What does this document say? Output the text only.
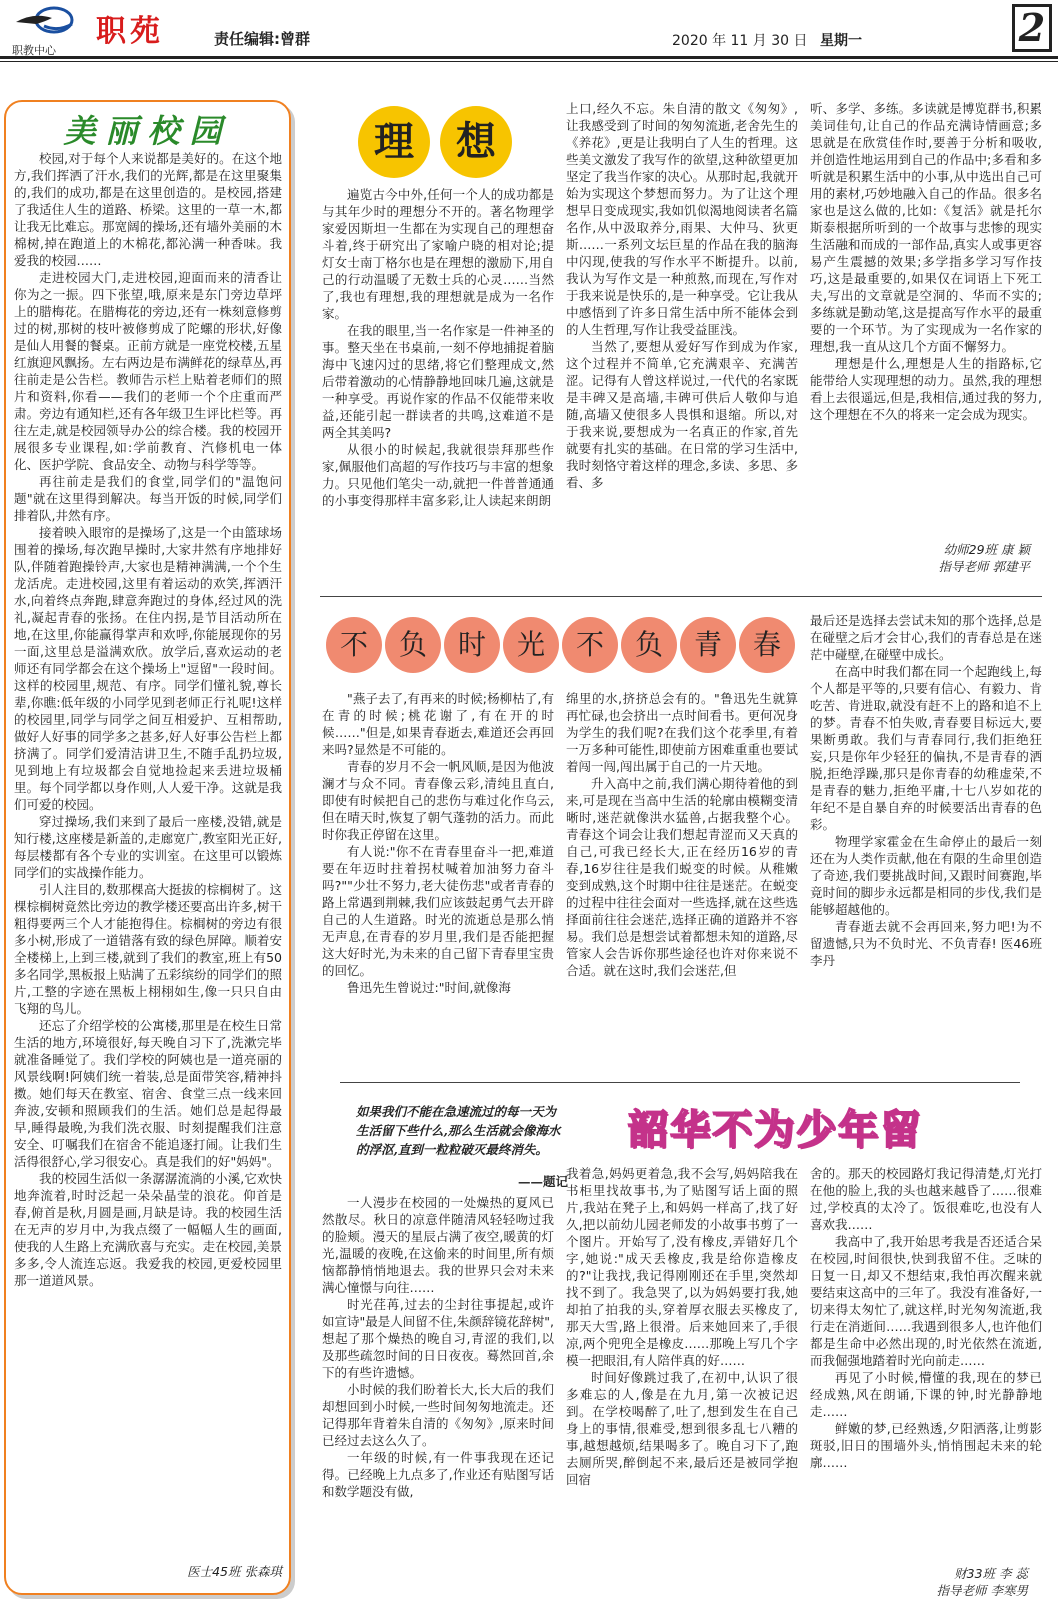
职教中心
职苑	责任编辑:曾群	2020 年 11 月 30 日 星期一	2
美丽校园

校园,对于每个人来说都是美好的。在这个地方,我们挥洒了汗水,我们的光辉,都是在这里聚集的,我们的成功,都是在这里创造的。是校园,搭建了我适住人生的道路、桥梁。这里的一草一木,都让我无比难忘。那宽阔的操场,还有墙外美丽的木棉树,掉在跑道上的木棉花,都沁满一种香味。我爱我的校园……

走进校园大门,走进校园,迎面而来的清香让你为之一振。四下张望,哦,原来是东门旁边草坪上的腊梅花。在腊梅花的旁边,还有一株刻意修剪过的树,那树的枝叶被修剪成了陀螺的形状,好像是仙人用餐的餐桌。正前方就是一座党校楼,五星红旗迎风飘扬。左右两边是布满鲜花的绿草丛,再往前走是公告栏。教师告示栏上贴着老师们的照片和资料,你看——我们的老师一个个庄重而严肃。旁边有通知栏,还有各年级卫生评比栏等。再往左走,就是校园领导办公的综合楼。我的校园开展很多专业课程,如:学前教育、汽修机电一体化、医护学院、食品安全、动物与科学等等。

再往前走是我们的食堂,同学们的"温饱问题"就在这里得到解决。每当开饭的时候,同学们排着队,井然有序。

接着映入眼帘的是操场了,这是一个由篮球场围着的操场,每次跑早操时,大家井然有序地排好队,伴随着跑操铃声,大家也是精神满满,一个个生龙活虎。走进校园,这里有着运动的欢笑,挥洒汗水,向着终点奔跑,肆意奔跑过的身体,经过风的洗礼,凝起青春的张扬。在住内拐,是节目活动所在地,在这里,你能赢得掌声和欢呼,你能展现你的另一面,这里总是溢满欢欣。放学后,喜欢运动的老师还有同学都会在这个操场上"逗留"一段时间。这样的校园里,规范、有序。同学们懂礼貌,尊长辈,你瞧:低年级的小同学见到老师正行礼呢!这样的校园里,同学与同学之间互相爱护、互相帮助,做好人好事的同学多之甚多,好人好事公告栏上都挤满了。同学们爱清洁讲卫生,不随手乱扔垃圾,见到地上有垃圾都会自觉地捡起来丢进垃圾桶里。每个同学都以身作则,人人爱干净。这就是我们可爱的校园。

穿过操场,我们来到了最后一座楼,没错,就是知行楼,这座楼是新盖的,走廊宽广,教室阳光正好,每层楼都有各个专业的实训室。在这里可以锻炼同学们的实战操作能力。

引人注目的,数那棵高大挺拔的棕榈树了。这棵棕榈树竟然比旁边的教学楼还要高出许多,树干粗得要两三个人才能抱得住。棕榈树的旁边有很多小树,形成了一道错落有致的绿色屏障。顺着安全楼梯上,上到三楼,就到了我们的教室,班上有50多名同学,黑板报上贴满了五彩缤纷的同学们的照片,工整的字迹在黑板上栩栩如生,像一只只自由飞翔的鸟儿。

还忘了介绍学校的公寓楼,那里是在校生日常生活的地方,环境很好,每天晚自习下了,洗漱完毕就准备睡觉了。我们学校的阿姨也是一道亮丽的风景线啊!阿姨们统一着装,总是面带笑容,精神抖擞。她们每天在教室、宿舍、食堂三点一线来回奔波,安顿和照顾我们的生活。她们总是起得最早,睡得最晚,为我们洗衣服、时刻提醒我们注意安全、叮嘱我们在宿舍不能追逐打闹。让我们生活得很舒心,学习很安心。真是我们的好"妈妈"。

我的校园生活似一条潺潺流淌的小溪,它欢快地奔流着,时时泛起一朵朵晶莹的浪花。仰首是春,俯首是秋,月圆是画,月缺是诗。我的校园生活在无声的岁月中,为我点缀了一幅幅人生的画面,使我的人生路上充满欣喜与充实。走在校园,美景多多,令人流连忘返。我爱我的校园,更爱校园里那一道道风景。

医士45班 张森琪
理	想

遍览古今中外,任何一个人的成功都是与其年少时的理想分不开的。著名物理学家爱因斯坦一生都在为实现自己的理想奋斗着,终于研究出了家喻户晓的相对论;提灯女士南丁格尔也是在理想的激励下,用自己的行动温暖了无数士兵的心灵……当然了,我也有理想,我的理想就是成为一名作家。

在我的眼里,当一名作家是一件神圣的事。整天坐在书桌前,一刻不停地捕捉着脑海中飞速闪过的思绪,将它们整理成文,然后带着激动的心情静静地回味几遍,这就是一种享受。再说作家的作品不仅能带来收益,还能引起一群读者的共鸣,这难道不是两全其美吗?

从很小的时候起,我就很崇拜那些作家,佩服他们高超的写作技巧与丰富的想象力。只见他们笔尖一动,就把一件普普通通的小事变得那样丰富多彩,让人读起来朗朗

上口,经久不忘。朱自清的散文《匆匆》,让我感受到了时间的匆匆流逝,老舍先生的《养花》,更是让我明白了人生的哲理。这些美文激发了我写作的欲望,这种欲望更加坚定了我当作家的决心。从那时起,我就开始为实现这个梦想而努力。为了让这个理想早日变成现实,我如饥似渴地阅读者名篇名作,从中汲取养分,雨果、大仲马、狄更斯……一系列文坛巨星的作品在我的脑海中闪现,使我的写作水平不断提升。以前,我认为写作文是一种煎熬,而现在,写作对于我来说是快乐的,是一种享受。它让我从中感悟到了许多日常生活中所不能体会到的人生哲理,写作让我受益匪浅。

当然了,要想从爱好写作到成为作家,这个过程并不简单,它充满艰辛、充满苦涩。记得有人曾这样说过,一代代的名家既是丰碑又是高墙,丰碑可供后人敬仰与追随,高墙又使很多人畏惧和退缩。所以,对于我来说,要想成为一名真正的作家,首先就要有扎实的基础。在日常的学习生活中,我时刻恪守着这样的理念,多读、多思、多看、多

听、多学、多练。多读就是博览群书,积累美词佳句,让自己的作品充满诗情画意;多思就是在欣赏佳作时,要善于分析和吸收,并创造性地运用到自己的作品中;多看和多听就是积累生活中的小事,从中选出自己可用的素材,巧妙地融入自己的作品。很多名家也是这么做的,比如:《复活》就是托尔斯泰根据所听到的一个故事与悲惨的现实生活融和而成的一部作品,真实人或事更容易产生震撼的效果;多学指多学习写作技巧,这是最重要的,如果仅在词语上下死工夫,写出的文章就是空洞的、华而不实的;多练就是勤动笔,这是提高写作水平的最重要的一个环节。为了实现成为一名作家的理想,我一直从这几个方面不懈努力。

理想是什么,理想是人生的指路标,它能带给人实现理想的动力。虽然,我的理想看上去很遥远,但是,我相信,通过我的努力,这个理想在不久的将来一定会成为现实。

幼师29班 康 颖
指导老师 郭建平
不	负	时	光	不	负	青	春

"燕子去了,有再来的时候;杨柳枯了,有在青的时候;桃花谢了,有在开的时候……"但是,如果青春逝去,难道还会再回来吗?显然是不可能的。

青春的岁月不会一帆风顺,是因为他波澜才与众不同。青春像云彩,清纯且直白,即使有时候把自己的悲伤与难过化作乌云,但在晴天时,恢复了朝气蓬勃的活力。而此时你我正停留在这里。

有人说:"你不在青春里奋斗一把,难道要在年迈时拄着拐杖喊着加油努力奋斗吗?""少壮不努力,老大徒伤悲"或者青春的路上常遇到荆棘,我们应该鼓起勇气去开辟自己的人生道路。时光的流逝总是那么悄无声息,在青春的岁月里,我们是否能把握这大好时光,为未来的自己留下青春里宝贵的回忆。

鲁迅先生曾说过:"时间,就像海

绵里的水,挤挤总会有的。"鲁迅先生就算再忙碌,也会挤出一点时间看书。更何况身为学生的我们呢?在我们这个花季里,有着一万多种可能性,即使前方困难重重也要试着闯一闯,闯出属于自己的一片天地。

升入高中之前,我们满心期待着他的到来,可是现在当高中生活的轮廓由模糊变清晰时,迷茫就像洪水猛兽,占据我整个心。青春这个词会让我们想起青涩而又天真的自己,可我已经长大,正在经历16岁的青春,16岁往往是我们蜕变的时候。从稚嫩变到成熟,这个时期中往往是迷茫。在蜕变的过程中往往会面对一些选择,就在这些选择面前往往会迷茫,选择正确的道路并不容易。我们总是想尝试着都想未知的道路,尽管家人会告诉你那些途径也许对你来说不合适。就在这时,我们会迷茫,但

最后还是选择去尝试未知的那个选择,总是在碰壁之后才会甘心,我们的青春总是在迷茫中碰壁,在碰壁中成长。

在高中时我们都在同一个起跑线上,每个人都是平等的,只要有信心、有毅力、肯吃苦、肯进取,就没有赶不上的路和追不上的梦。青春不怕失败,青春要目标远大,要果断勇敢。我们与青春同行,我们拒绝狂妄,只是你年少轻狂的偏执,不是青春的洒脱,拒绝浮躁,那只是你青春的幼稚虚荣,不是青春的魅力,拒绝平庸,十七八岁如花的年纪不是自暴自弃的时候要活出青春的色彩。

物理学家霍金在生命停止的最后一刻还在为人类作贡献,他在有限的生命里创造了奇迹,我们要挑战时间,又跟时间赛跑,毕竟时间的脚步永远都是相同的步伐,我们是能够超越他的。

青春逝去就不会再回来,努力吧!为不留遗憾,只为不负时光、不负青春! 医46班 李丹

韶华不为少年留
如果我们不能在急速流过的每一天为生活留下些什么,那么生活就会像海水的浮沤,直到一粒粒破灭最终消失。
——题记

一人漫步在校园的一处燥热的夏风已然散尽。秋日的凉意伴随清风轻轻吻过我的脸颊。漫天的星辰占满了夜空,暖黄的灯光,温暖的夜晚,在这偷来的时间里,所有烦恼都静悄悄地退去。我的世界只会对未来满心憧憬与向往……

时光荏苒,过去的尘封往事提起,或许如宣诗"最是人间留不住,朱颜辞镜花辞树",想起了那个燥热的晚自习,青涩的我们,以及那些疏忽时间的日日夜夜。蓦然回首,余下的有些许遗憾。

小时候的我们盼着长大,长大后的我们却想回到小时候,一些时间匆匆地流走。还记得那年背着朱自清的《匆匆》,原来时间已经过去这么久了。

一年级的时候,有一件事我现在还记得。已经晚上九点多了,作业还有贴图写话和数学题没有做,

我着急,妈妈更着急,我不会写,妈妈陪我在书柜里找故事书,为了贴图写话上面的照片,我站在凳子上,和妈妈一样高了,找了好久,把以前幼儿园老师发的小故事书剪了一个图片。开始写了,没有橡皮,弄错好几个字,她说:"成天丢橡皮,我是给你造橡皮的?"让我找,我记得刚刚还在手里,突然却找不到了。我急哭了,以为妈妈要打我,她却拍了拍我的头,穿着厚衣服去买橡皮了,那天大雪,路上很滑。后来她回来了,手很凉,两个兜兜全是橡皮……那晚上写几个字模一把眼泪,有人陪伴真的好……

时间好像跳过我了,在初中,认识了很多难忘的人,像是在九月,第一次被记迟到。在学校喝醉了,吐了,想到发生在自己身上的事情,很难受,想到很多乱七八糟的事,越想越烦,结果喝多了。晚自习下了,跑去厕所哭,醉倒起不来,最后还是被同学抱回宿

舍的。那天的校园路灯我记得清楚,灯光打在他的脸上,我的头也越来越昏了……很难过,学校真的太冷了。饭很难吃,也没有人喜欢我……

我高中了,我开始思考我是否还适合呆在校园,时间很快,快到我留不住。乏味的日复一日,却又不想结束,我怕再次醒来就要结束这高中的三年了。我没有准备好,一切来得太匆忙了,就这样,时光匆匆流逝,我行走在消逝间……我遇到很多人,也许他们都是生命中必然出现的,时光依然在流逝,而我倔强地踏着时光向前走……

再见了小时候,懵懂的我,现在的梦已经成熟,风在朗诵,下课的钟,时光静静地走……

鲜嫩的梦,已经熟透,夕阳洒落,让剪影斑驳,旧日的围墙外头,悄悄围起未来的轮廓……

财33班 李 蕊
指导老师 李寒男
